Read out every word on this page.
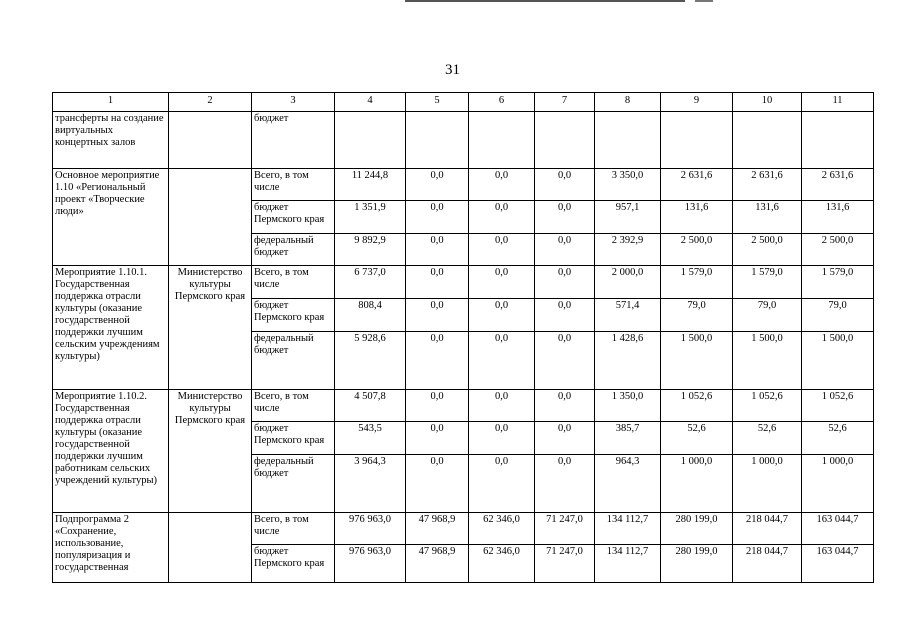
31
1	2	3	4	5	6	7	8	9	10	11
трансферты на создание виртуальных концертных залов		бюджет								
Основное мероприятие 1.10 «Региональный проект «Творческие люди»		Всего, в том числе	11 244,8	0,0	0,0	0,0	3 350,0	2 631,6	2 631,6	2 631,6
		бюджет Пермского края	1 351,9	0,0	0,0	0,0	957,1	131,6	131,6	131,6
		федеральный бюджет	9 892,9	0,0	0,0	0,0	2 392,9	2 500,0	2 500,0	2 500,0
Мероприятие 1.10.1. Государственная поддержка отрасли культуры (оказание государственной поддержки лучшим сельским учреждениям культуры)	Министерство культуры Пермского края	Всего, в том числе	6 737,0	0,0	0,0	0,0	2 000,0	1 579,0	1 579,0	1 579,0
		бюджет Пермского края	808,4	0,0	0,0	0,0	571,4	79,0	79,0	79,0
		федеральный бюджет	5 928,6	0,0	0,0	0,0	1 428,6	1 500,0	1 500,0	1 500,0
Мероприятие 1.10.2. Государственная поддержка отрасли культуры (оказание государственной поддержки лучшим работникам сельских учреждений культуры)	Министерство культуры Пермского края	Всего, в том числе	4 507,8	0,0	0,0	0,0	1 350,0	1 052,6	1 052,6	1 052,6
		бюджет Пермского края	543,5	0,0	0,0	0,0	385,7	52,6	52,6	52,6
		федеральный бюджет	3 964,3	0,0	0,0	0,0	964,3	1 000,0	1 000,0	1 000,0
Подпрограмма 2 «Сохранение, использование, популяризация и государственная		Всего, в том числе	976 963,0	47 968,9	62 346,0	71 247,0	134 112,7	280 199,0	218 044,7	163 044,7
		бюджет Пермского края	976 963,0	47 968,9	62 346,0	71 247,0	134 112,7	280 199,0	218 044,7	163 044,7
